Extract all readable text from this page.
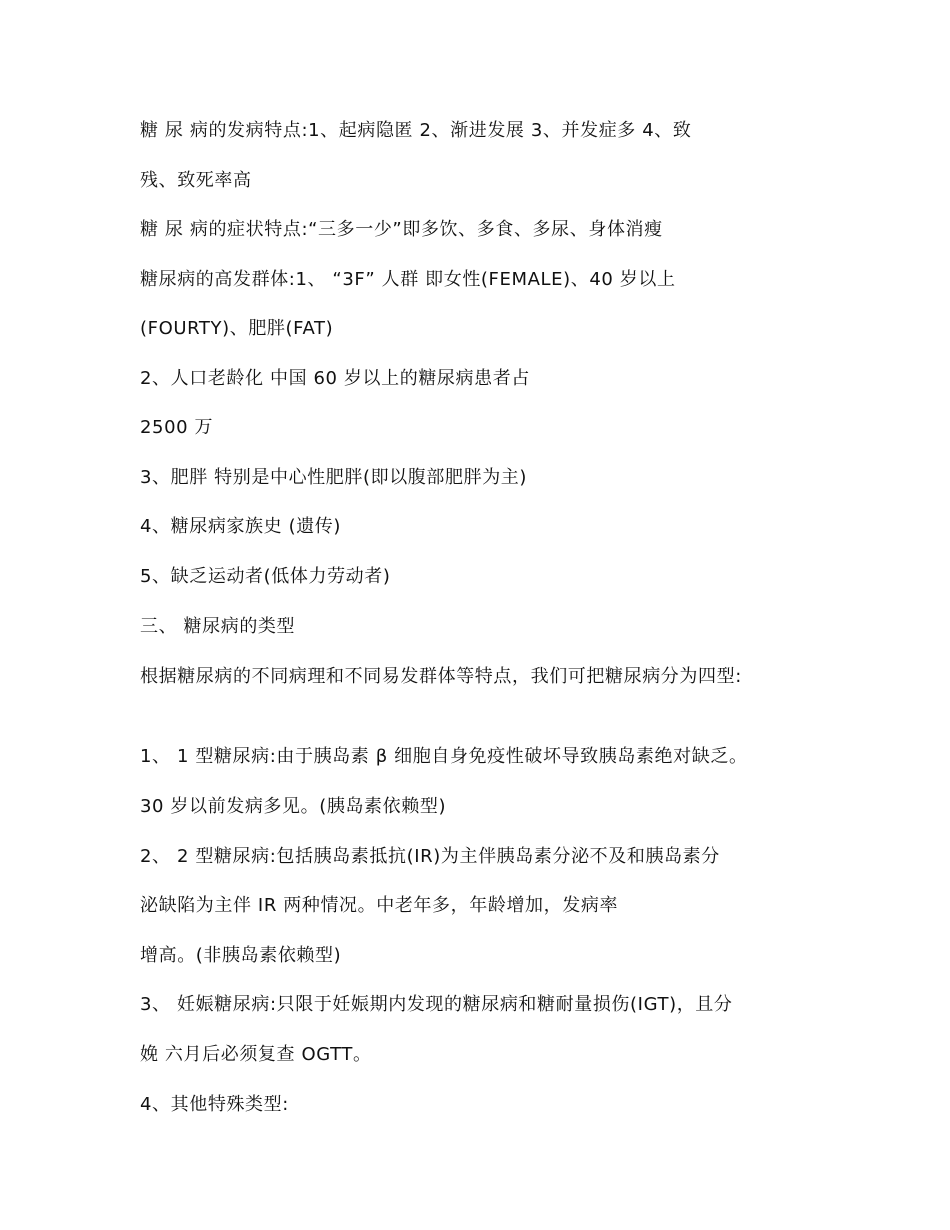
糖 尿 病的发病特点:1、起病隐匿 2、渐进发展 3、并发症多 4、致
残、致死率高
糖 尿 病的症状特点:“三多一少”即多饮、多食、多尿、身体消瘦
糖尿病的高发群体:1、 “3F” 人群 即女性(FEMALE)、40 岁以上
(FOURTY)、肥胖(FAT)
2、人口老龄化 中国 60 岁以上的糖尿病患者占
2500 万
3、肥胖 特别是中心性肥胖(即以腹部肥胖为主)
4、糖尿病家族史 (遗传)
5、缺乏运动者(低体力劳动者)
三、 糖尿病的类型
根据糖尿病的不同病理和不同易发群体等特点，我们可把糖尿病分为四型:
1、 1 型糖尿病:由于胰岛素 β 细胞自身免疫性破坏导致胰岛素绝对缺乏。
30 岁以前发病多见。(胰岛素依赖型)
2、 2 型糖尿病:包括胰岛素抵抗(IR)为主伴胰岛素分泌不及和胰岛素分
泌缺陷为主伴 IR 两种情况。中老年多，年龄增加，发病率
增高。(非胰岛素依赖型)
3、 妊娠糖尿病:只限于妊娠期内发现的糖尿病和糖耐量损伤(IGT)，且分
娩 六月后必须复查 OGTT。
4、其他特殊类型:
